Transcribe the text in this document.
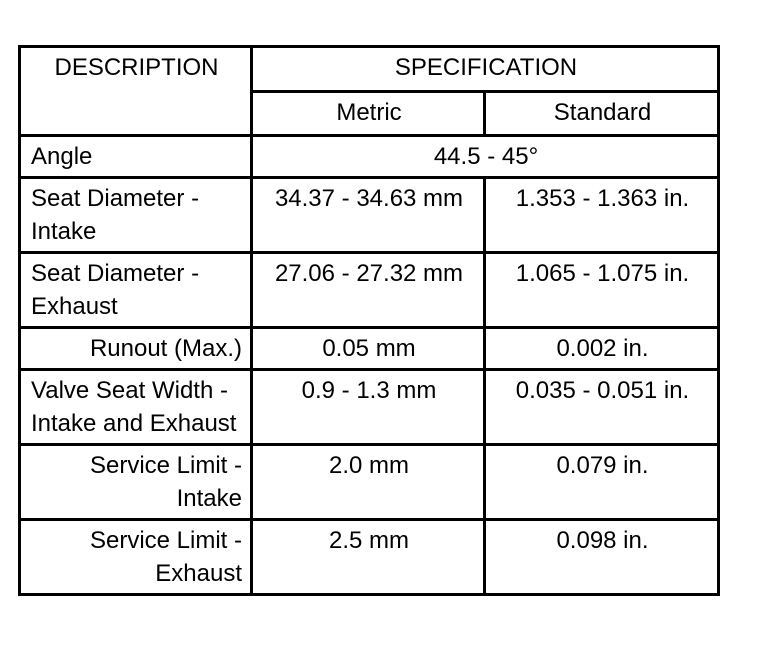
DESCRIPTION	SPECIFICATION	
	Metric	Standard
Angle	44.5 - 45°	
Seat Diameter - Intake	34.37 - 34.63 mm	1.353 - 1.363 in.
Seat Diameter - Exhaust	27.06 - 27.32 mm	1.065 - 1.075 in.
Runout (Max.)	0.05 mm	0.002 in.
Valve Seat Width - Intake and Exhaust	0.9 - 1.3 mm	0.035 - 0.051 in.
Service Limit - Intake	2.0 mm	0.079 in.
Service Limit - Exhaust	2.5 mm	0.098 in.
